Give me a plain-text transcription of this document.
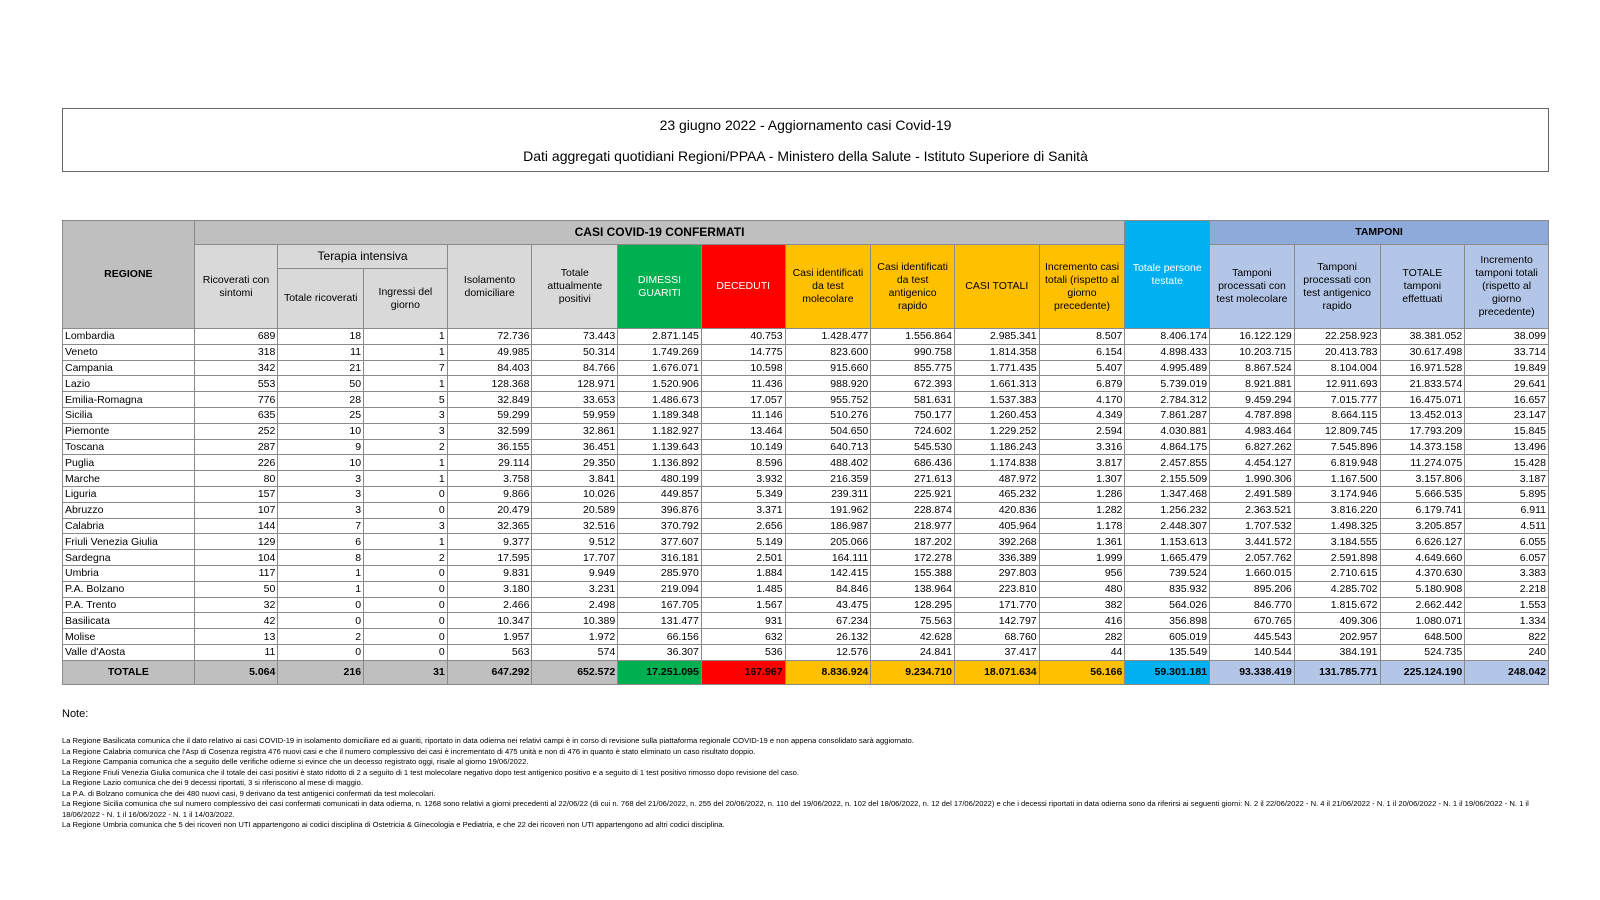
23 giugno 2022 - Aggiornamento casi Covid-19
Dati aggregati quotidiani Regioni/PPAA - Ministero della Salute - Istituto Superiore di Sanità
REGIONE	CASI COVID-19 CONFERMATI											Totale persone testate	TAMPONI			
	Ricoverati con sintomi	Terapia intensiva		Isolamento domiciliare	Totale attualmente positivi	DIMESSI GUARITI	DECEDUTI	Casi identificati da test molecolare	Casi identificati da test antigenico rapido	CASI TOTALI	Incremento casi totali (rispetto al giorno precedente)		Tamponi processati con test molecolare	Tamponi processati con test antigenico rapido	TOTALE tamponi effettuati	Incremento tamponi totali (rispetto al giorno precedente)
		Totale ricoverati	Ingressi del giorno													
Lombardia	689	18	1	72.736	73.443	2.871.145	40.753	1.428.477	1.556.864	2.985.341	8.507	8.406.174	16.122.129	22.258.923	38.381.052	38.099
Veneto	318	11	1	49.985	50.314	1.749.269	14.775	823.600	990.758	1.814.358	6.154	4.898.433	10.203.715	20.413.783	30.617.498	33.714
Campania	342	21	7	84.403	84.766	1.676.071	10.598	915.660	855.775	1.771.435	5.407	4.995.489	8.867.524	8.104.004	16.971.528	19.849
Lazio	553	50	1	128.368	128.971	1.520.906	11.436	988.920	672.393	1.661.313	6.879	5.739.019	8.921.881	12.911.693	21.833.574	29.641
Emilia-Romagna	776	28	5	32.849	33.653	1.486.673	17.057	955.752	581.631	1.537.383	4.170	2.784.312	9.459.294	7.015.777	16.475.071	16.657
Sicilia	635	25	3	59.299	59.959	1.189.348	11.146	510.276	750.177	1.260.453	4.349	7.861.287	4.787.898	8.664.115	13.452.013	23.147
Piemonte	252	10	3	32.599	32.861	1.182.927	13.464	504.650	724.602	1.229.252	2.594	4.030.881	4.983.464	12.809.745	17.793.209	15.845
Toscana	287	9	2	36.155	36.451	1.139.643	10.149	640.713	545.530	1.186.243	3.316	4.864.175	6.827.262	7.545.896	14.373.158	13.496
Puglia	226	10	1	29.114	29.350	1.136.892	8.596	488.402	686.436	1.174.838	3.817	2.457.855	4.454.127	6.819.948	11.274.075	15.428
Marche	80	3	1	3.758	3.841	480.199	3.932	216.359	271.613	487.972	1.307	2.155.509	1.990.306	1.167.500	3.157.806	3.187
Liguria	157	3	0	9.866	10.026	449.857	5.349	239.311	225.921	465.232	1.286	1.347.468	2.491.589	3.174.946	5.666.535	5.895
Abruzzo	107	3	0	20.479	20.589	396.876	3.371	191.962	228.874	420.836	1.282	1.256.232	2.363.521	3.816.220	6.179.741	6.911
Calabria	144	7	3	32.365	32.516	370.792	2.656	186.987	218.977	405.964	1.178	2.448.307	1.707.532	1.498.325	3.205.857	4.511
Friuli Venezia Giulia	129	6	1	9.377	9.512	377.607	5.149	205.066	187.202	392.268	1.361	1.153.613	3.441.572	3.184.555	6.626.127	6.055
Sardegna	104	8	2	17.595	17.707	316.181	2.501	164.111	172.278	336.389	1.999	1.665.479	2.057.762	2.591.898	4.649.660	6.057
Umbria	117	1	0	9.831	9.949	285.970	1.884	142.415	155.388	297.803	956	739.524	1.660.015	2.710.615	4.370.630	3.383
P.A. Bolzano	50	1	0	3.180	3.231	219.094	1.485	84.846	138.964	223.810	480	835.932	895.206	4.285.702	5.180.908	2.218
P.A. Trento	32	0	0	2.466	2.498	167.705	1.567	43.475	128.295	171.770	382	564.026	846.770	1.815.672	2.662.442	1.553
Basilicata	42	0	0	10.347	10.389	131.477	931	67.234	75.563	142.797	416	356.898	670.765	409.306	1.080.071	1.334
Molise	13	2	0	1.957	1.972	66.156	632	26.132	42.628	68.760	282	605.019	445.543	202.957	648.500	822
Valle d'Aosta	11	0	0	563	574	36.307	536	12.576	24.841	37.417	44	135.549	140.544	384.191	524.735	240
TOTALE	5.064	216	31	647.292	652.572	17.251.095	167.967	8.836.924	9.234.710	18.071.634	56.166	59.301.181	93.338.419	131.785.771	225.124.190	248.042
Note:
La Regione Basilicata comunica che il dato relativo ai casi COVID-19 in isolamento domiciliare ed ai guariti, riportato in data odierna nei relativi campi è in corso di revisione sulla piattaforma regionale COVID-19 e non appena consolidato sarà aggiornato.
La Regione Calabria comunica che l'Asp di Cosenza registra 476 nuovi casi e che il numero complessivo dei casi è incrementato di 475 unità e non di 476 in quanto è stato eliminato un caso risultato doppio.
La Regione Campania comunica che a seguito delle verifiche odierne si evince che un decesso registrato oggi, risale al giorno 19/06/2022.
La Regione Friuli Venezia Giulia comunica che il totale dei casi positivi è stato ridotto di 2 a seguito di 1 test molecolare negativo dopo test antigenico positivo e a seguito di 1 test positivo rimosso dopo revisione del caso.
La Regione Lazio comunica che dei 9 decessi riportati, 3 si riferiscono al mese di maggio.
La P.A. di Bolzano comunica che dei 480 nuovi casi, 9 derivano da test antigenici confermati da test molecolari.
La Regione Sicilia comunica che sul numero complessivo dei casi confermati comunicati in data odierna, n. 1268 sono relativi a giorni precedenti al 22/06/22 (di cui n. 768 del 21/06/2022, n. 255 del 20/06/2022, n. 110 del 19/06/2022, n. 102 del 18/06/2022, n. 12 del 17/06/2022) e che i decessi riportati in data odierna sono da riferirsi ai seguenti giorni: N. 2 il 22/06/2022 - N. 4 il 21/06/2022 - N. 1 il 20/06/2022 - N. 1 il 19/06/2022 - N. 1 il 18/06/2022 - N. 1 il 16/06/2022 - N. 1 il 14/03/2022.
La Regione Umbria comunica che 5 dei ricoveri non UTI appartengono ai codici disciplina di Ostetricia & Ginecologia e Pediatria, e che 22 dei ricoveri non UTI appartengono ad altri codici disciplina.
